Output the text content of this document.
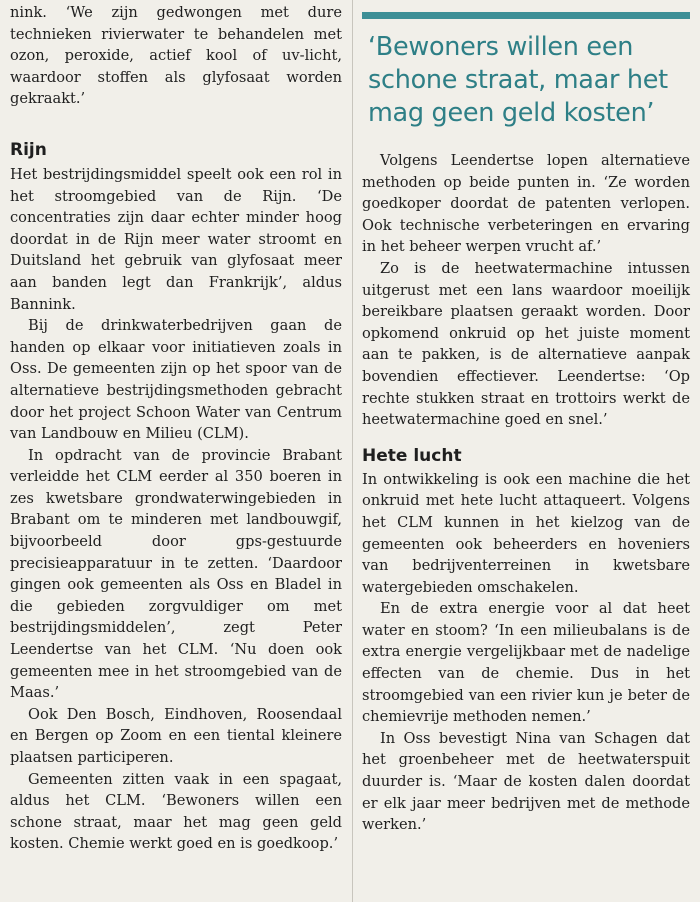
nink. ‘We zijn gedwongen met dure technieken rivierwater te behandelen met ozon, peroxide, actief kool of uv-licht, waardoor stoffen als glyfosaat worden gekraakt.’

Rijn

Het bestrijdingsmiddel speelt ook een rol in het stroomgebied van de Rijn. ‘De concentraties zijn daar echter minder hoog doordat in de Rijn meer water stroomt en Duitsland het gebruik van glyfosaat meer aan banden legt dan Frankrijk’, aldus Bannink.

Bij de drinkwaterbedrijven gaan de handen op elkaar voor initiatieven zoals in Oss. De gemeenten zijn op het spoor van de alternatieve bestrijdingsmethoden gebracht door het project Schoon Water van Centrum van Landbouw en Milieu (CLM).

In opdracht van de provincie Brabant verleidde het CLM eerder al 350 boeren in zes kwetsbare grondwaterwingebieden in Brabant om te minderen met landbouwgif, bijvoorbeeld door gps-gestuurde precisieapparatuur in te zetten. ‘Daardoor gingen ook gemeenten als Oss en Bladel in die gebieden zorgvuldiger om met bestrijdingsmiddelen’, zegt Peter Leendertse van het CLM. ‘Nu doen ook gemeenten mee in het stroomgebied van de Maas.’

Ook Den Bosch, Eindhoven, Roosendaal en Bergen op Zoom en een tiental kleinere plaatsen participeren.

Gemeenten zitten vaak in een spagaat, aldus het CLM. ‘Bewoners willen een schone straat, maar het mag geen geld kosten. Chemie werkt goed en is goedkoop.’

‘Bewoners willen een schone straat, maar het mag geen geld kosten’

Volgens Leendertse lopen alternatieve methoden op beide punten in. ‘Ze worden goedkoper doordat de patenten verlopen. Ook technische verbeteringen en ervaring in het beheer werpen vrucht af.’

Zo is de heetwatermachine intussen uitgerust met een lans waardoor moeilijk bereikbare plaatsen geraakt worden. Door opkomend onkruid op het juiste moment aan te pakken, is de alternatieve aanpak bovendien effectiever. Leendertse: ‘Op rechte stukken straat en trottoirs werkt de heetwatermachine goed en snel.’

Hete lucht

In ontwikkeling is ook een machine die het onkruid met hete lucht attaqueert. Volgens het CLM kunnen in het kielzog van de gemeenten ook beheerders en hoveniers van bedrijventerreinen in kwetsbare watergebieden omschakelen.

En de extra energie voor al dat heet water en stoom? ‘In een milieubalans is de extra energie vergelijkbaar met de nadelige effecten van de chemie. Dus in het stroomgebied van een rivier kun je beter de chemievrije methoden nemen.’

In Oss bevestigt Nina van Schagen dat het groenbeheer met de heetwaterspuit duurder is. ‘Maar de kosten dalen doordat er elk jaar meer bedrijven met de methode werken.’
